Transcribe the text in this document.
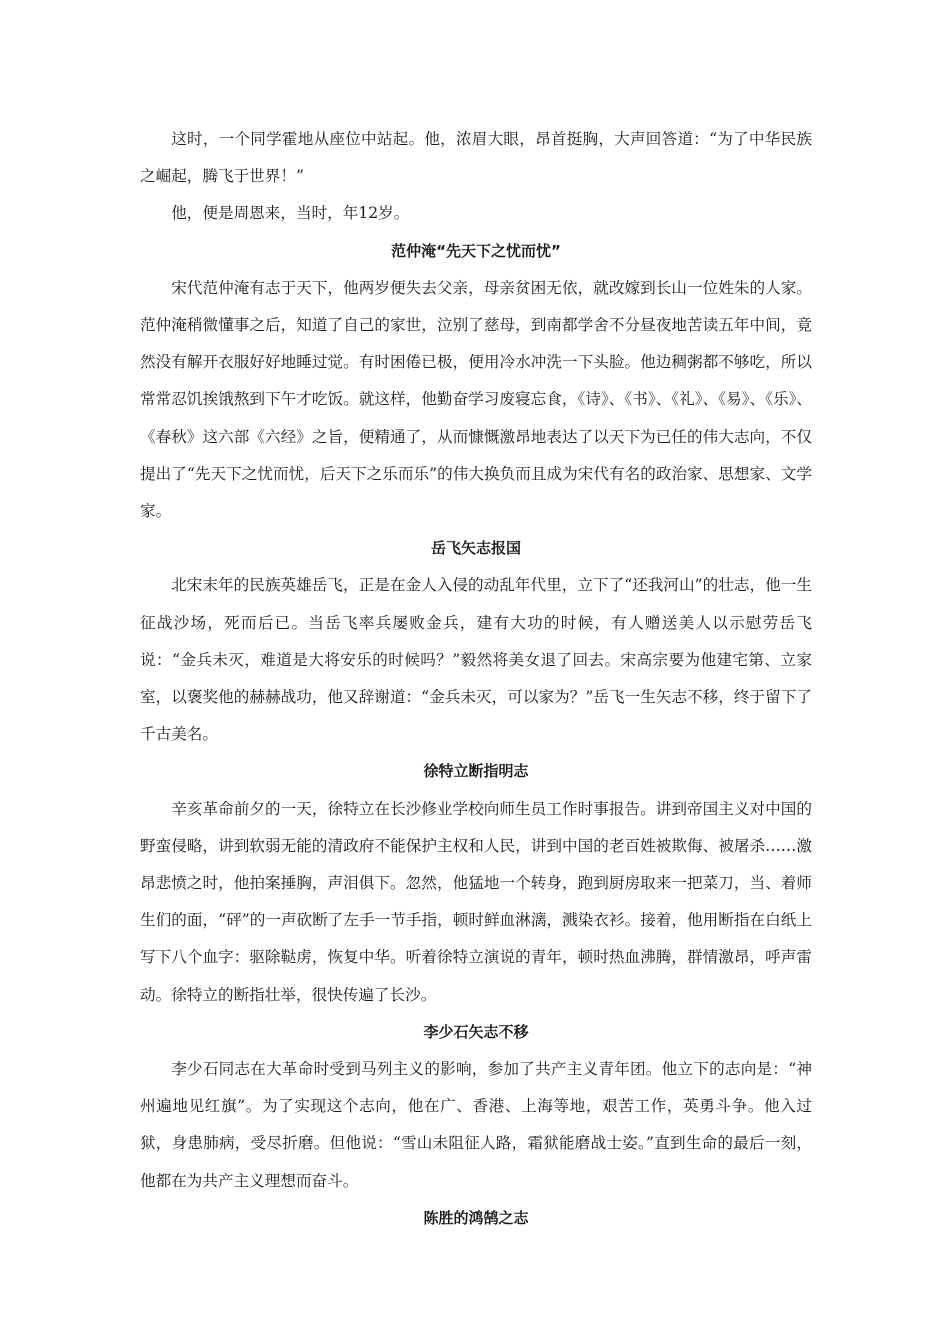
这时，一个同学霍地从座位中站起。他，浓眉大眼，昂首挺胸，大声回答道：“为了中华民族之崛起，腾飞于世界！”

他，便是周恩来，当时，年12岁。

范仲淹“先天下之忧而忧”

宋代范仲淹有志于天下，他两岁便失去父亲，母亲贫困无依，就改嫁到长山一位姓朱的人家。范仲淹稍微懂事之后，知道了自己的家世，泣别了慈母，到南都学舍不分昼夜地苦读五年中间，竟然没有解开衣服好好地睡过觉。有时困倦已极，便用冷水冲洗一下头脸。他边稠粥都不够吃，所以常常忍饥挨饿熬到下午才吃饭。就这样，他勤奋学习废寝忘食，《诗》、《书》、《礼》、《易》、《乐》、《春秋》这六部《六经》之旨，便精通了，从而慷慨激昂地表达了以天下为已任的伟大志向，不仅提出了“先天下之忧而忧，后天下之乐而乐”的伟大换负而且成为宋代有名的政治家、思想家、文学家。

岳飞矢志报国

北宋末年的民族英雄岳飞，正是在金人入侵的动乱年代里，立下了“还我河山”的壮志，他一生征战沙场，死而后已。当岳飞率兵屡败金兵，建有大功的时候，有人赠送美人以示慰劳岳飞说：“金兵未灭，难道是大将安乐的时候吗？”毅然将美女退了回去。宋高宗要为他建宅第、立家室，以褒奖他的赫赫战功，他又辞谢道：“金兵未灭，可以家为？”岳飞一生矢志不移，终于留下了千古美名。

徐特立断指明志

辛亥革命前夕的一天，徐特立在长沙修业学校向师生员工作时事报告。讲到帝国主义对中国的野蛮侵略，讲到软弱无能的清政府不能保护主权和人民，讲到中国的老百姓被欺侮、被屠杀……激昂悲愤之时，他拍案捶胸，声泪俱下。忽然，他猛地一个转身，跑到厨房取来一把菜刀，当、着师生们的面，“砰”的一声砍断了左手一节手指，顿时鲜血淋漓，溅染衣衫。接着，他用断指在白纸上写下八个血字：驱除鞑虏，恢复中华。听着徐特立演说的青年，顿时热血沸腾，群情激昂，呼声雷动。徐特立的断指壮举，很快传遍了长沙。

李少石矢志不移

李少石同志在大革命时受到马列主义的影响，参加了共产主义青年团。他立下的志向是：“神州遍地见红旗”。为了实现这个志向，他在广、香港、上海等地，艰苦工作，英勇斗争。他入过狱，身患肺病，受尽折磨。但他说：“雪山未阻征人路，霜狱能磨战士姿。”直到生命的最后一刻，他都在为共产主义理想而奋斗。

陈胜的鸿鹄之志
